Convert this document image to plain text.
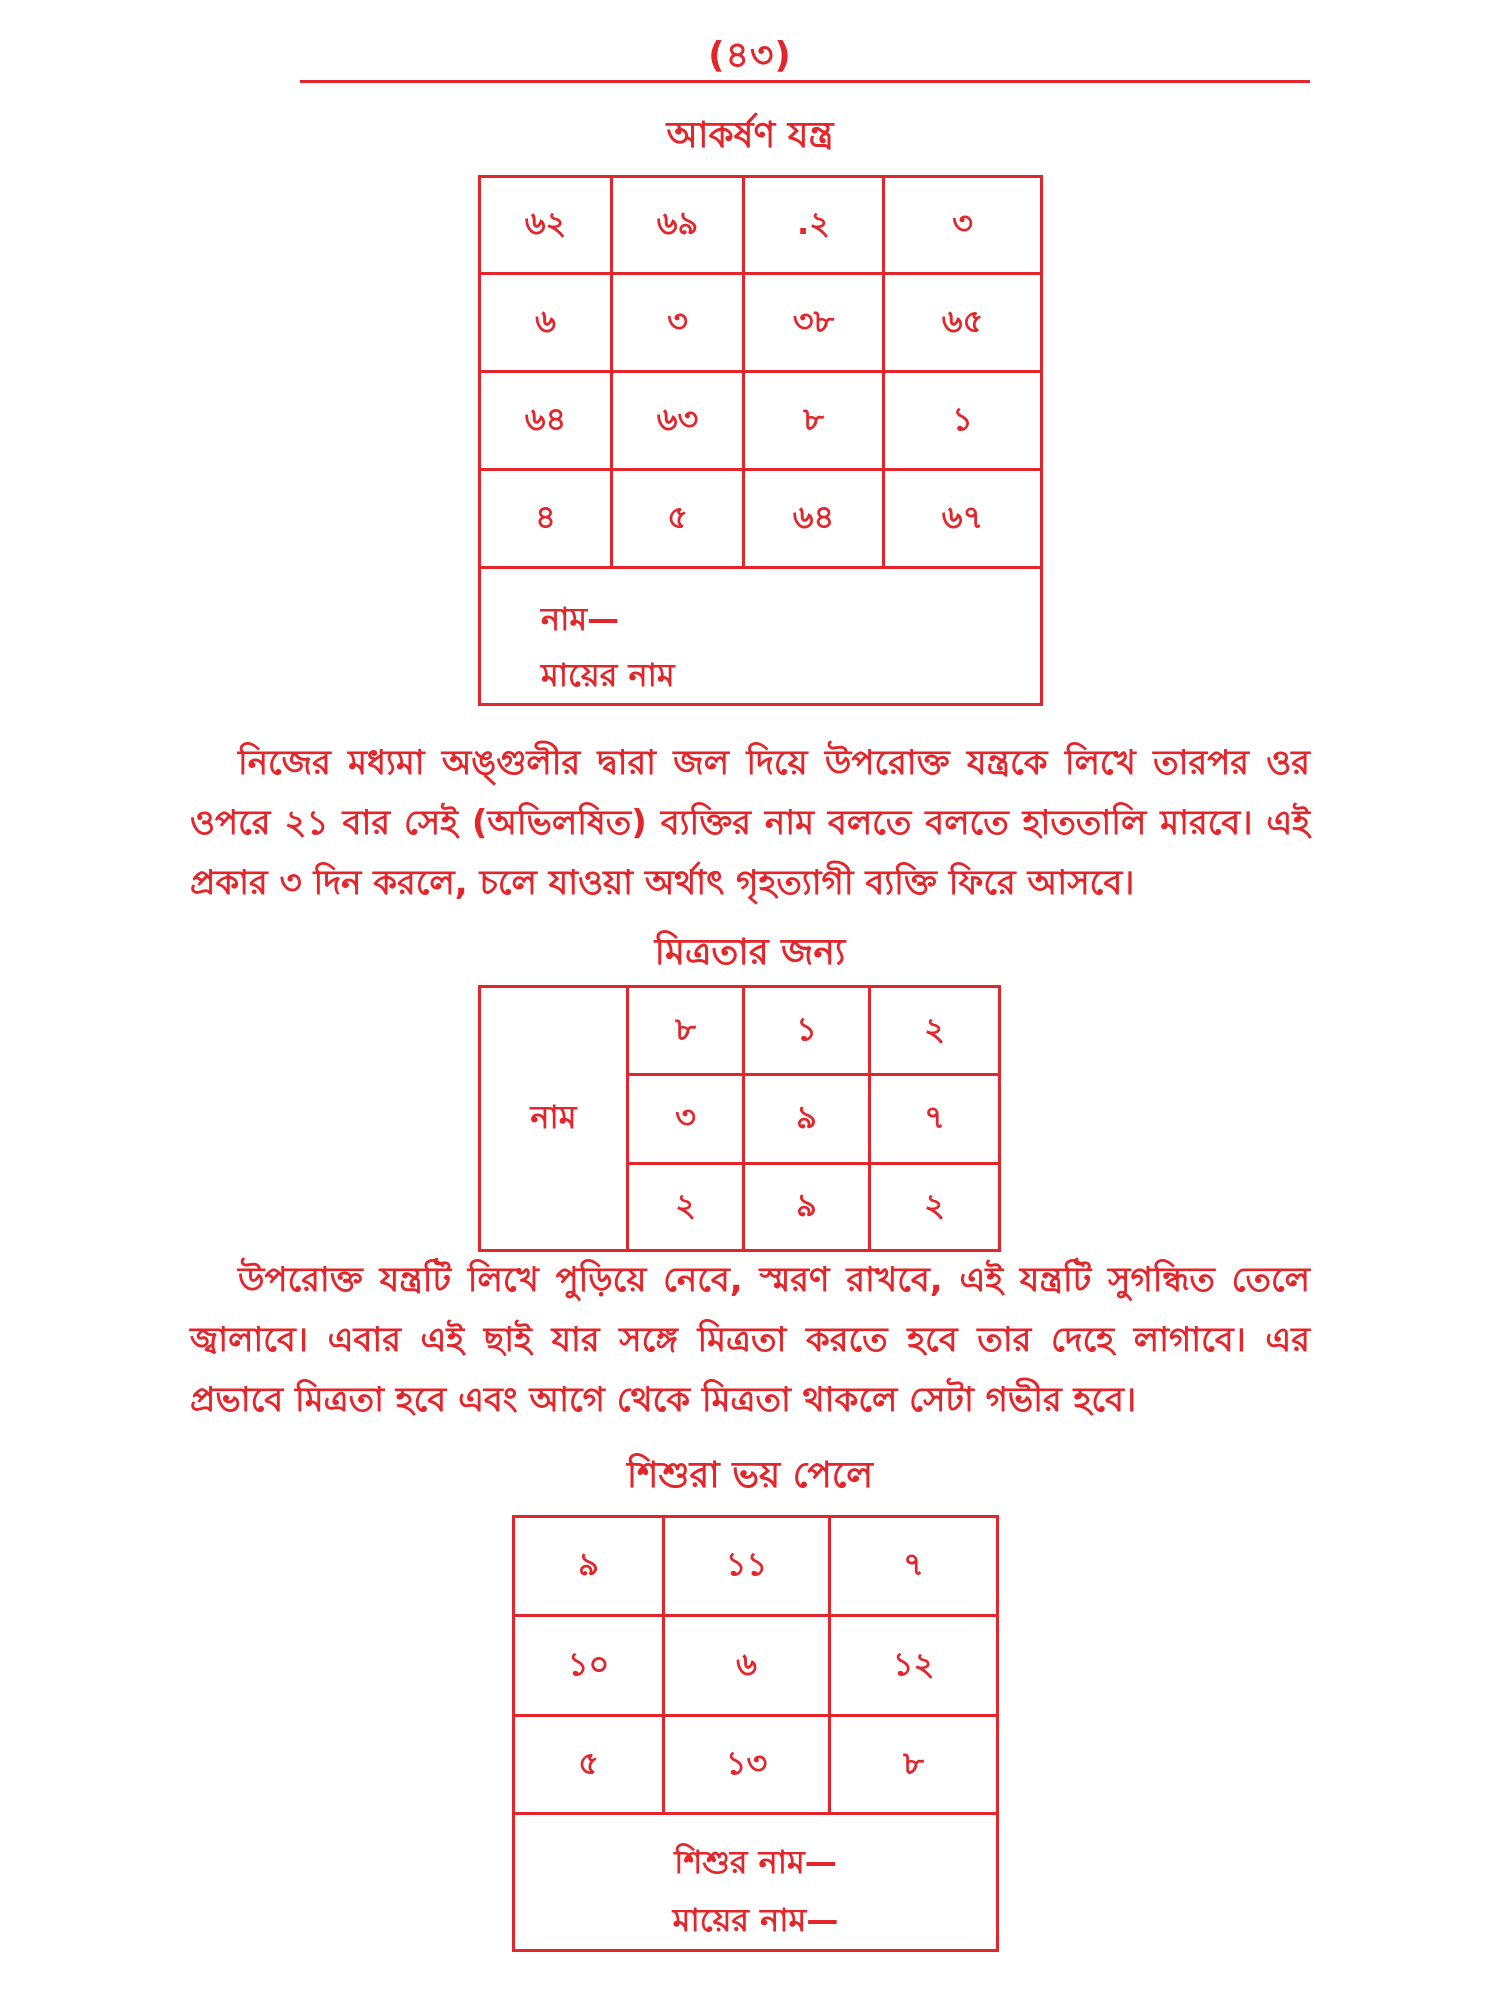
(৪৩)
আকর্ষণ যন্ত্র
৬২	৬৯	.২	৩
৬	৩	৩৮	৬৫
৬৪	৬৩	৮	১
৪	৫	৬৪	৬৭

নাম—
মায়ের নাম			
নিজের মধ্যমা অঙ্গুলীর দ্বারা জল দিয়ে উপরোক্ত যন্ত্রকে লিখে তারপর ওর ওপরে ২১ বার সেই (অভিলষিত) ব্যক্তির নাম বলতে বলতে হাততালি মারবে। এই প্রকার ৩ দিন করলে, চলে যাওয়া অর্থাৎ গৃহত্যাগী ব্যক্তি ফিরে আসবে।
মিত্রতার জন্য
নাম	৮	১	২
	৩	৯	৭
	২	৯	২
উপরোক্ত যন্ত্রটি লিখে পুড়িয়ে নেবে, স্মরণ রাখবে, এই যন্ত্রটি সুগন্ধিত তেলে জ্বালাবে। এবার এই ছাই যার সঙ্গে মিত্রতা করতে হবে তার দেহে লাগাবে। এর প্রভাবে মিত্রতা হবে এবং আগে থেকে মিত্রতা থাকলে সেটা গভীর হবে।
শিশুরা ভয় পেলে
৯	১১	৭
১০	৬	১২
৫	১৩	৮

শিশুর নাম—
মায়ের নাম—		
